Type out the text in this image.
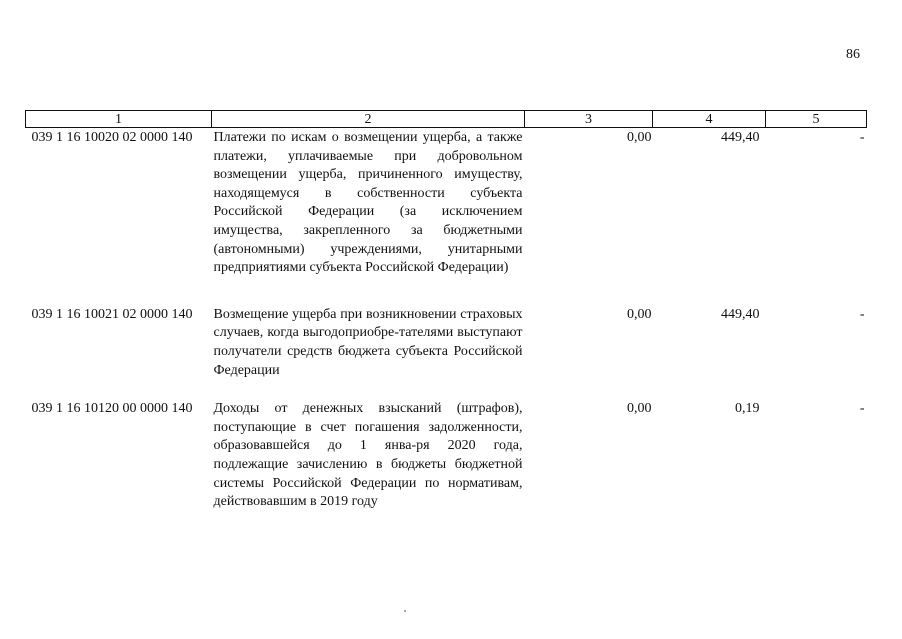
86
1	2	3	4	5
039 1 16 10020 02 0000 140	Платежи по искам о возмещении ущерба, а также платежи, уплачиваемые при добровольном возмещении ущерба, причиненного имуществу, находящемуся в собственности субъекта Российской Федерации (за исключением имущества, закрепленного за бюджетными (автономными) учреждениями, унитарными предприятиями субъекта Российской Федерации)	0,00	449,40	-
039 1 16 10021 02 0000 140	Возмещение ущерба при возникновении страховых случаев, когда выгодоприобре-тателями выступают получатели средств бюджета субъекта Российской Федерации	0,00	449,40	-
039 1 16 10120 00 0000 140	Доходы от денежных взысканий (штрафов), поступающие в счет погашения задолженности, образовавшейся до 1 янва-ря 2020 года, подлежащие зачислению в бюджеты бюджетной системы Российской Федерации по нормативам, действовавшим в 2019 году	0,00	0,19	-
